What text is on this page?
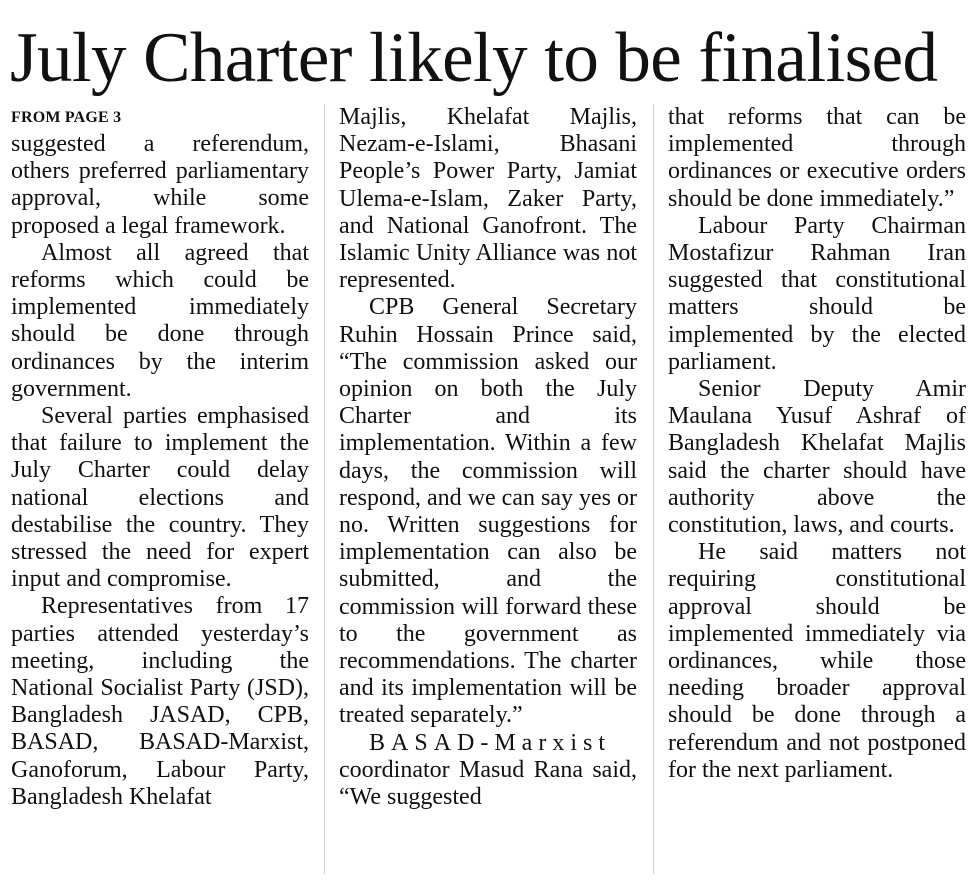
July Charter likely to be finalised
FROM PAGE 3

suggested a referendum, others preferred parliamentary approval, while some proposed a legal framework.

Almost all agreed that reforms which could be implemented immediately should be done through ordinances by the interim government.

Several parties emphasised that failure to implement the July Charter could delay national elections and destabilise the country. They stressed the need for expert input and compromise.

Representatives from 17 parties attended yesterday’s meeting, including the National Socialist Party (JSD), Bangladesh JASAD, CPB, BASAD, BASAD-Marxist, Ganoforum, Labour Party, Bangladesh Khelafat

Majlis, Khelafat Majlis, Nezam-e-Islami, Bhasani People’s Power Party, Jamiat Ulema-e-Islam, Zaker Party, and National Ganofront. The Islamic Unity Alliance was not represented.

CPB General Secretary Ruhin Hossain Prince said, “The commission asked our opinion on both the July Charter and its implementation. Within a few days, the commission will respond, and we can say yes or no. Written suggestions for implementation can also be submitted, and the commission will forward these to the government as recommendations. The charter and its implementation will be treated separately.”

BASAD-Marxist

coordinator Masud Rana said, “We suggested

that reforms that can be implemented through ordinances or executive orders should be done immediately.”

Labour Party Chairman Mostafizur Rahman Iran suggested that constitutional matters should be implemented by the elected parliament.

Senior Deputy Amir Maulana Yusuf Ashraf of Bangladesh Khelafat Majlis said the charter should have authority above the constitution, laws, and courts.

He said matters not requiring constitutional approval should be implemented immediately via ordinances, while those needing broader approval should be done through a referendum and not postponed for the next parliament.
